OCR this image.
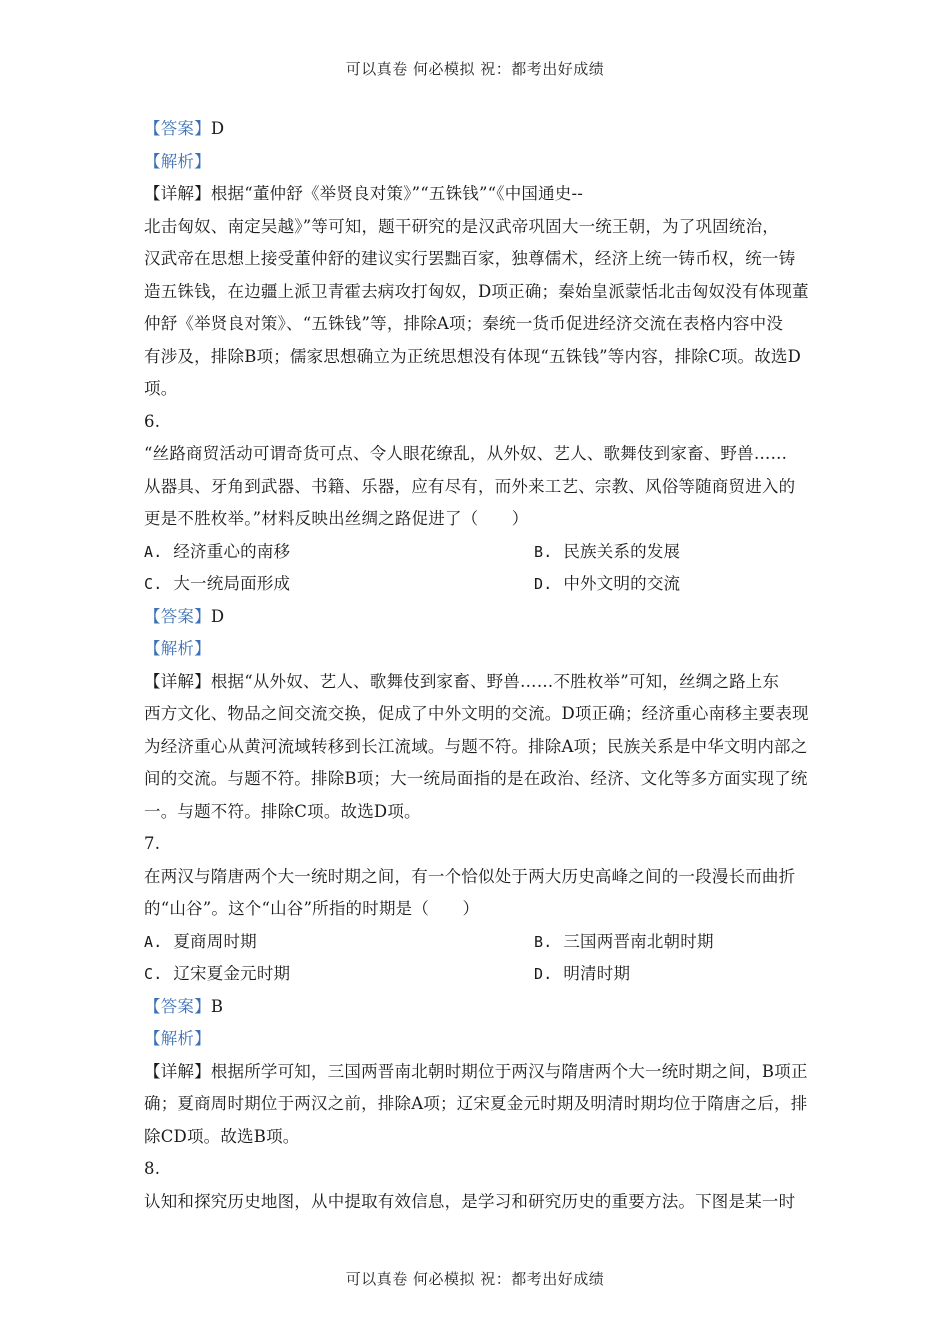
可以真卷 何必模拟 祝：都考出好成绩
【答案】D
【解析】
【详解】根据“董仲舒《举贤良对策》”“五铢钱”“《中国通史--
北击匈奴、南定吴越》”等可知，题干研究的是汉武帝巩固大一统王朝，为了巩固统治，
汉武帝在思想上接受董仲舒的建议实行罢黜百家，独尊儒术，经济上统一铸币权，统一铸
造五铢钱，在边疆上派卫青霍去病攻打匈奴，D项正确；秦始皇派蒙恬北击匈奴没有体现董
仲舒《举贤良对策》、“五铢钱”等，排除A项；秦统一货币促进经济交流在表格内容中没
有涉及，排除B项；儒家思想确立为正统思想没有体现“五铢钱”等内容，排除C项。故选D
项。
6.
“丝路商贸活动可谓奇货可点、令人眼花缭乱，从外奴、艺人、歌舞伎到家畜、野兽……
从器具、牙角到武器、书籍、乐器，应有尽有，而外来工艺、宗教、风俗等随商贸进入的
更是不胜枚举。”材料反映出丝绸之路促进了（　　）
A. 经济重心的南移	B. 民族关系的发展
C. 大一统局面形成	D. 中外文明的交流
【答案】D
【解析】
【详解】根据“从外奴、艺人、歌舞伎到家畜、野兽……不胜枚举”可知，丝绸之路上东
西方文化、物品之间交流交换，促成了中外文明的交流。D项正确；经济重心南移主要表现
为经济重心从黄河流域转移到长江流域。与题不符。排除A项；民族关系是中华文明内部之
间的交流。与题不符。排除B项；大一统局面指的是在政治、经济、文化等多方面实现了统
一。与题不符。排除C项。故选D项。
7.
在两汉与隋唐两个大一统时期之间，有一个恰似处于两大历史高峰之间的一段漫长而曲折
的“山谷”。这个“山谷”所指的时期是（　　）
A. 夏商周时期	B. 三国两晋南北朝时期
C. 辽宋夏金元时期	D. 明清时期
【答案】B
【解析】
【详解】根据所学可知，三国两晋南北朝时期位于两汉与隋唐两个大一统时期之间，B项正
确；夏商周时期位于两汉之前，排除A项；辽宋夏金元时期及明清时期均位于隋唐之后，排
除CD项。故选B项。
8.
认知和探究历史地图，从中提取有效信息，是学习和研究历史的重要方法。下图是某一时
可以真卷 何必模拟 祝：都考出好成绩
